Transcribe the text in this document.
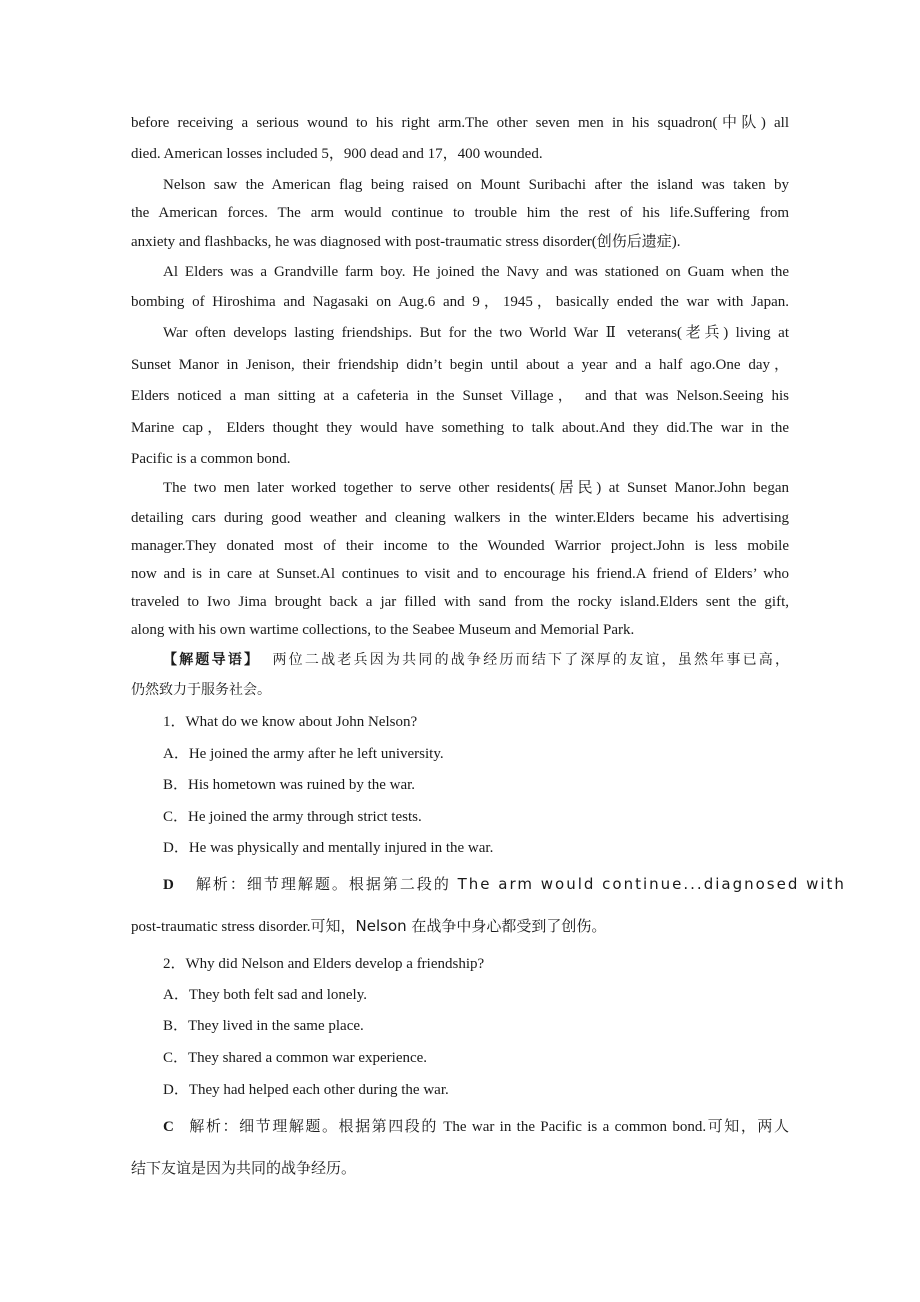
before receiving a serious wound to his right arm.The other seven men in his squadron(中队) all
died. American losses included 5，900 dead and 17，400 wounded.
Nelson saw the American flag being raised on Mount Suribachi after the island was taken by
the American forces. The arm would continue to trouble him the rest of his life.Suffering from
anxiety and flashbacks, he was diagnosed with post‐traumatic stress disorder(创伤后遗症).
Al Elders was a Grandville farm boy. He joined the Navy and was stationed on Guam when the
bombing of Hiroshima and Nagasaki on Aug.6 and 9，1945，basically ended the war with Japan.
War often develops lasting friendships. But for the two World War Ⅱ veterans(老兵) living at
Sunset Manor in Jenison, their friendship didn’t begin until about a year and a half ago.One day，
Elders noticed a man sitting at a cafeteria in the Sunset Village， and that was Nelson.Seeing his
Marine cap，Elders thought they would have something to talk about.And they did.The war in the
Pacific is a common bond.
The two men later worked together to serve other residents(居民) at Sunset Manor.John began
detailing cars during good weather and cleaning walkers in the winter.Elders became his advertising
manager.They donated most of their income to the Wounded Warrior project.John is less mobile
now and is in care at Sunset.Al continues to visit and to encourage his friend.A friend of Elders’ who
traveled to Iwo Jima brought back a jar filled with sand from the rocky island.Elders sent the gift,
along with his own wartime collections, to the Seabee Museum and Memorial Park.
【解题导语】 两位二战老兵因为共同的战争经历而结下了深厚的友谊，虽然年事已高，
仍然致力于服务社会。
1．What do we know about John Nelson?
A．He joined the army after he left university.
B．His hometown was ruined by the war.
C．He joined the army through strict tests.
D．He was physically and mentally injured in the war.
D 解析：细节理解题。根据第二段的 The arm would continue...diagnosed with
post-traumatic stress disorder.可知，Nelson 在战争中身心都受到了创伤。
2．Why did Nelson and Elders develop a friendship?
A．They both felt sad and lonely.
B．They lived in the same place.
C．They shared a common war experience.
D．They had helped each other during the war.
C 解析：细节理解题。根据第四段的 The war in the Pacific is a common bond.可知，两人
结下友谊是因为共同的战争经历。
